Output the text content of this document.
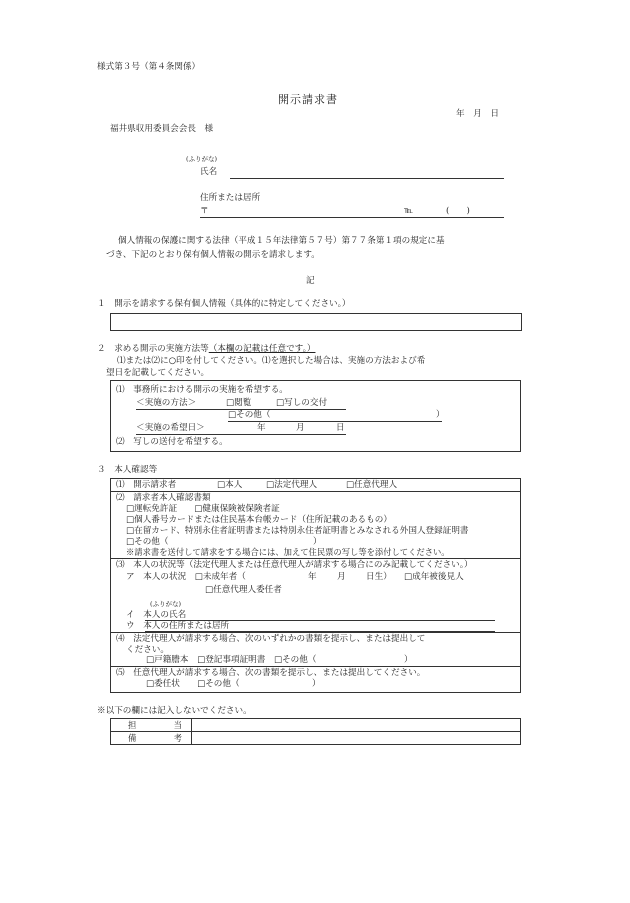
様式第３号（第４条関係）
開示請求書
年　月　日
福井県収用委員会会長　様
(ふりがな)
氏名
住所または居所
〒	℡	(　　)
個人情報の保護に関する法律（平成１５年法律第５７号）第７７条第１項の規定に基
づき、下記のとおり保有個人情報の開示を請求します。
記
１　開示を請求する保有個人情報（具体的に特定してください。）
２　求める開示の実施方法等（本欄の記載は任意です。）
⑴または⑵に○印を付してください。⑴を選択した場合は、実施の方法および希
望日を記載してください。
⑴　事務所における開示の実施を希望する。
＜実施の方法＞	□閲覧	□写しの交付
□その他（	）
＜実施の希望日＞	年	月	日
⑵　写しの送付を希望する。
３　本人確認等
⑴　開示請求者	□本人	□法定代理人	□任意代理人
⑵　請求者本人確認書類
□運転免許証　　□健康保険被保険者証
□個人番号カードまたは住民基本台帳カード（住所記載のあるもの）
□在留カード、特別永住者証明書または特別永住者証明書とみなされる外国人登録証明書
□その他（	）
※請求書を送付して請求をする場合には、加えて住民票の写し等を添付してください。
⑶　本人の状況等（法定代理人または任意代理人が請求する場合にのみ記載してください。）
ア　本人の状況　□未成年者（	年 月 日生） □成年被後見人
□任意代理人委任者
(ふりがな)
イ　本人の氏名
ウ　本人の住所または居所
⑷　法定代理人が請求する場合、次のいずれかの書類を提示し、または提出して
ください。
□戸籍謄本　□登記事項証明書　□その他（	）
⑸　任意代理人が請求する場合、次の書類を提示し、または提出してください。
□委任状　　□その他（	）
※以下の欄には記入しないでください。
担 当	

備 考	
